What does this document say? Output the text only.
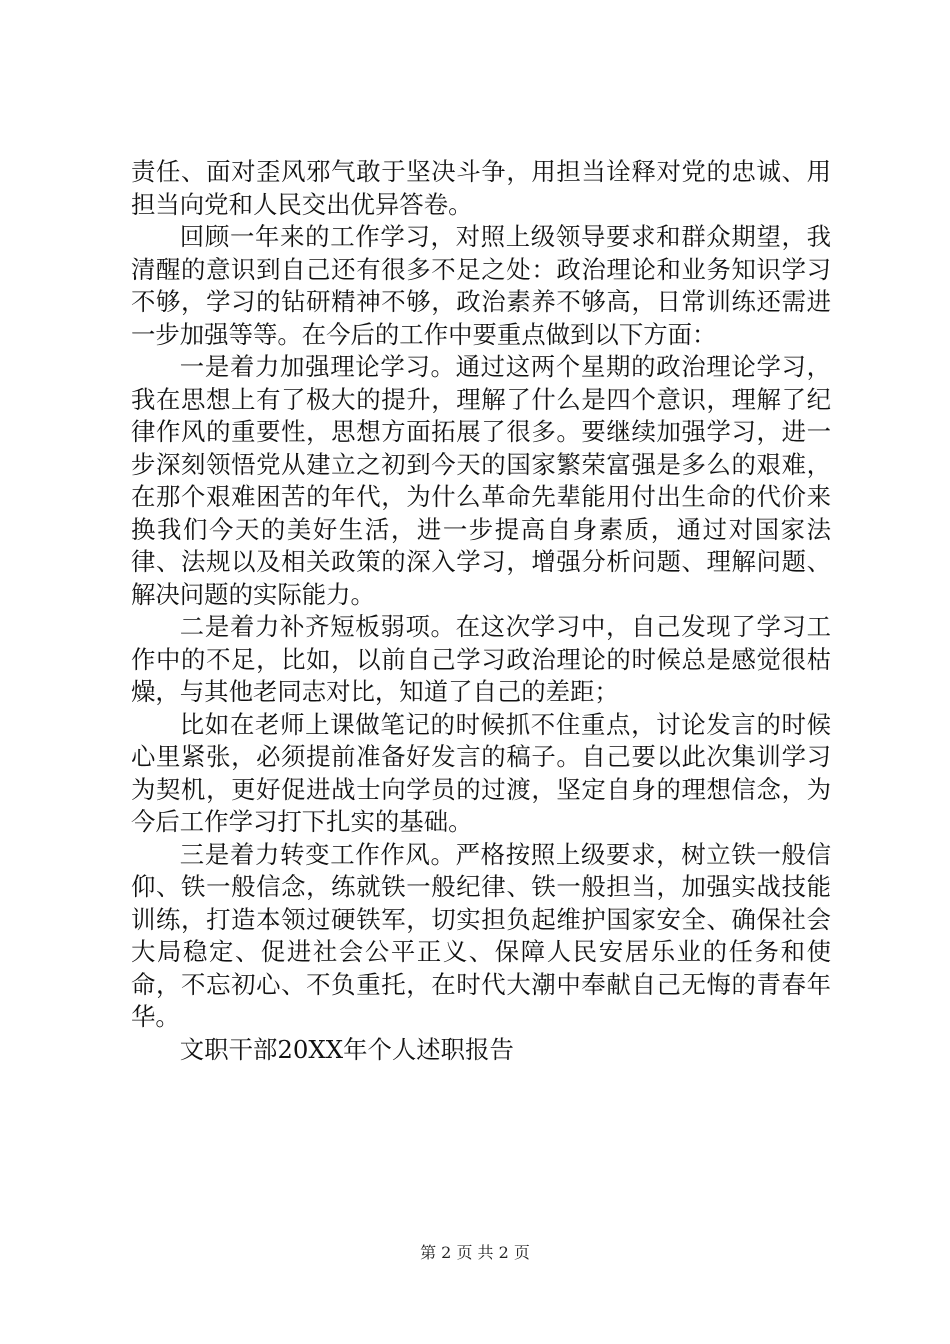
责任、面对歪风邪气敢于坚决斗争，用担当诠释对党的忠诚、用担当向党和人民交出优异答卷。

回顾一年来的工作学习，对照上级领导要求和群众期望，我清醒的意识到自己还有很多不足之处：政治理论和业务知识学习不够，学习的钻研精神不够，政治素养不够高，日常训练还需进一步加强等等。在今后的工作中要重点做到以下方面：

一是着力加强理论学习。通过这两个星期的政治理论学习，我在思想上有了极大的提升，理解了什么是四个意识，理解了纪律作风的重要性，思想方面拓展了很多。要继续加强学习，进一步深刻领悟党从建立之初到今天的国家繁荣富强是多么的艰难，在那个艰难困苦的年代，为什么革命先辈能用付出生命的代价来换我们今天的美好生活，进一步提高自身素质，通过对国家法律、法规以及相关政策的深入学习，增强分析问题、理解问题、解决问题的实际能力。

二是着力补齐短板弱项。在这次学习中，自己发现了学习工作中的不足，比如，以前自己学习政治理论的时候总是感觉很枯燥，与其他老同志对比，知道了自己的差距；

比如在老师上课做笔记的时候抓不住重点，讨论发言的时候心里紧张，必须提前准备好发言的稿子。自己要以此次集训学习为契机，更好促进战士向学员的过渡，坚定自身的理想信念，为今后工作学习打下扎实的基础。

三是着力转变工作作风。严格按照上级要求，树立铁一般信仰、铁一般信念，练就铁一般纪律、铁一般担当，加强实战技能训练，打造本领过硬铁军，切实担负起维护国家安全、确保社会大局稳定、促进社会公平正义、保障人民安居乐业的任务和使命，不忘初心、不负重托，在时代大潮中奉献自己无悔的青春年华。

文职干部20XX年个人述职报告

第 2 页 共 2 页
